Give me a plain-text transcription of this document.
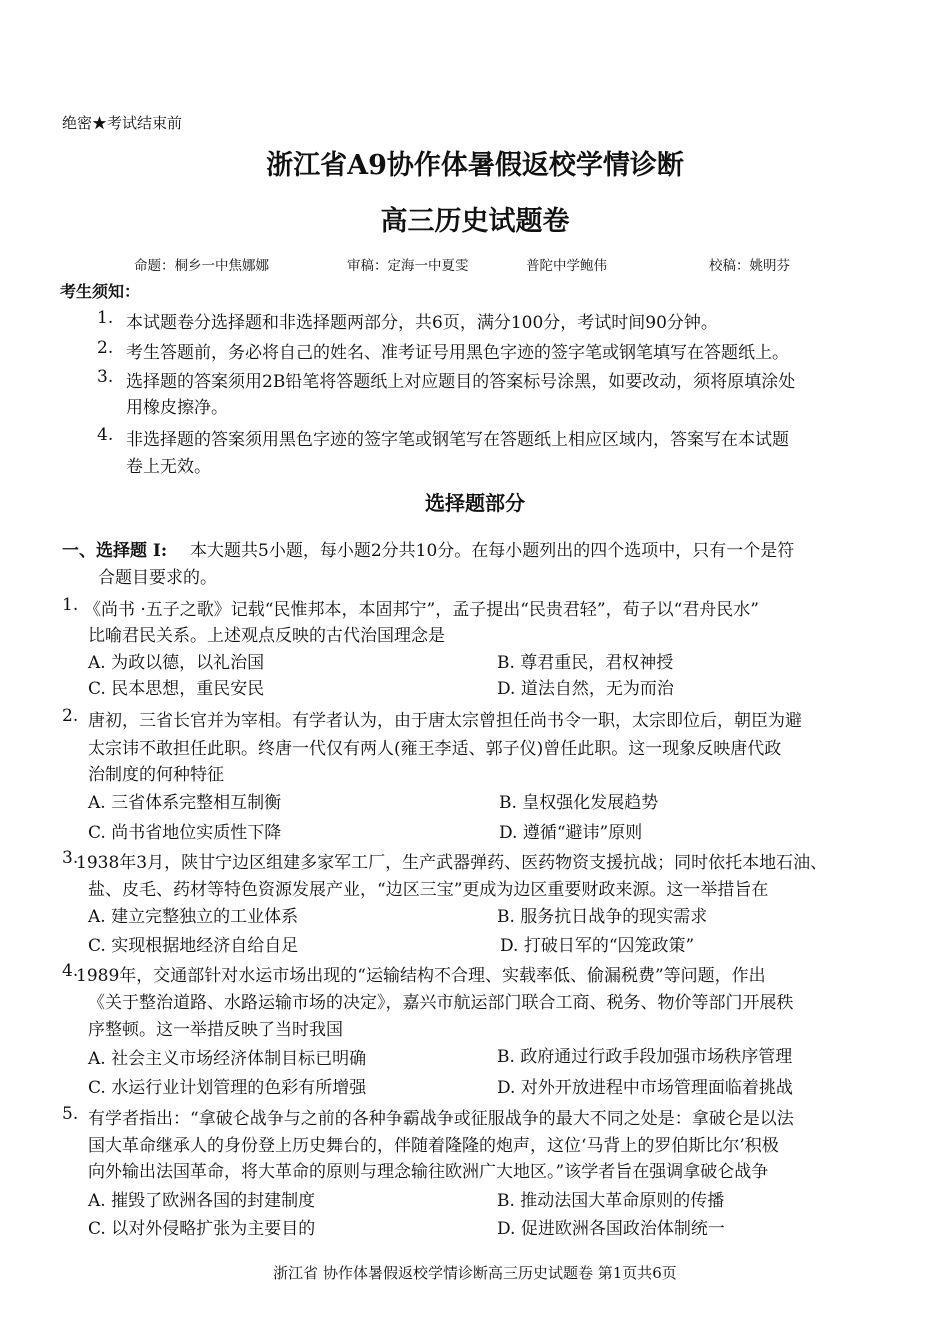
绝密★考试结束前
浙江省A9协作体暑假返校学情诊断
高三历史试题卷
命题：桐乡一中焦娜娜	审稿：定海一中夏雯	普陀中学鲍伟	校稿：姚明芬
考生须知：
1. 本试题卷分选择题和非选择题两部分，共6页，满分100分，考试时间90分钟。
2. 考生答题前，务必将自己的姓名、准考证号用黑色字迹的签字笔或钢笔填写在答题纸上。
3. 选择题的答案须用2B铅笔将答题纸上对应题目的答案标号涂黑，如要改动，须将原填涂处
用橡皮擦净。
4. 非选择题的答案须用黑色字迹的签字笔或钢笔写在答题纸上相应区域内，答案写在本试题
卷上无效。
选择题部分
一、选择题 I: 本大题共5小题，每小题2分共10分。在每小题列出的四个选项中，只有一个是符
合题目要求的。
1. 《尚书 ·五子之歌》记载“民惟邦本，本固邦宁”，孟子提出“民贵君轻”，荀子以“君舟民水”
比喻君民关系。上述观点反映的古代治国理念是
A. 为政以德，以礼治国	B. 尊君重民，君权神授
C. 民本思想，重民安民	D. 道法自然，无为而治
2. 唐初，三省长官并为宰相。有学者认为，由于唐太宗曾担任尚书令一职，太宗即位后，朝臣为避
太宗讳不敢担任此职。终唐一代仅有两人(雍王李适、郭子仪)曾任此职。这一现象反映唐代政
治制度的何种特征
A. 三省体系完整相互制衡	B. 皇权强化发展趋势
C. 尚书省地位实质性下降	D. 遵循“避讳”原则
3.
1938年3月，陕甘宁边区组建多家军工厂，生产武器弹药、医药物资支援抗战；同时依托本地石油、
盐、皮毛、药材等特色资源发展产业，“边区三宝”更成为边区重要财政来源。这一举措旨在
A. 建立完整独立的工业体系	B. 服务抗日战争的现实需求
C. 实现根据地经济自给自足	D. 打破日军的“囚笼政策”
4.
1989年，交通部针对水运市场出现的“运输结构不合理、实载率低、偷漏税费”等问题，作出
《关于整治道路、水路运输市场的决定》，嘉兴市航运部门联合工商、税务、物价等部门开展秩
序整顿。这一举措反映了当时我国
A. 社会主义市场经济体制目标已明确	B. 政府通过行政手段加强市场秩序管理
C. 水运行业计划管理的色彩有所增强	D. 对外开放进程中市场管理面临着挑战
5. 有学者指出：“拿破仑战争与之前的各种争霸战争或征服战争的最大不同之处是：拿破仑是以法
国大革命继承人的身份登上历史舞台的，伴随着隆隆的炮声，这位‘马背上的罗伯斯比尔’积极
向外输出法国革命，将大革命的原则与理念输往欧洲广大地区。”该学者旨在强调拿破仑战争
A. 摧毁了欧洲各国的封建制度	B. 推动法国大革命原则的传播
C. 以对外侵略扩张为主要目的	D. 促进欧洲各国政治体制统一
浙江省 协作体暑假返校学情诊断高三历史试题卷 第1页共6页
